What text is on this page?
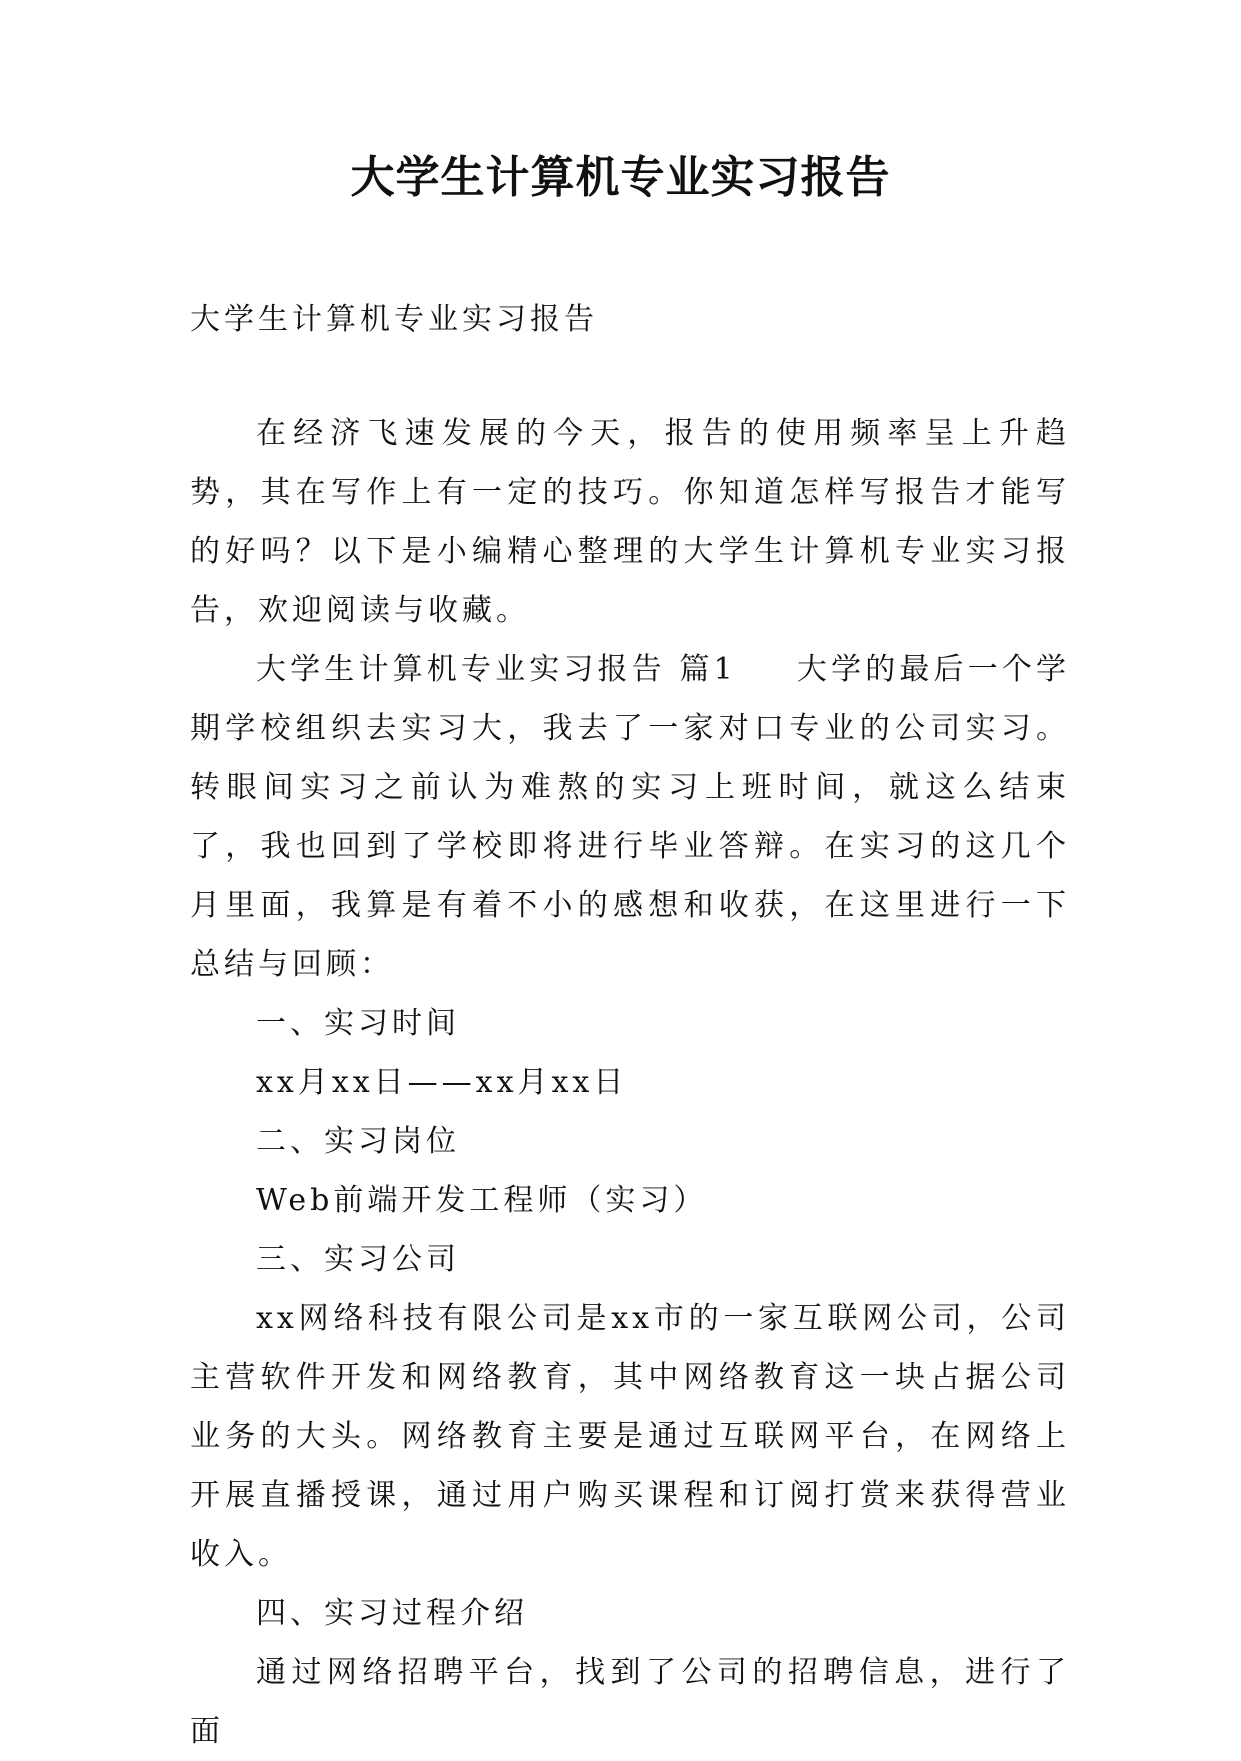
大学生计算机专业实习报告

大学生计算机专业实习报告

在经济飞速发展的今天，报告的使用频率呈上升趋势，其在写作上有一定的技巧。你知道怎样写报告才能写的好吗？以下是小编精心整理的大学生计算机专业实习报告，欢迎阅读与收藏。

大学生计算机专业实习报告 篇1 大学的最后一个学期学校组织去实习大，我去了一家对口专业的公司实习。转眼间实习之前认为难熬的实习上班时间，就这么结束了，我也回到了学校即将进行毕业答辩。在实习的这几个月里面，我算是有着不小的感想和收获，在这里进行一下总结与回顾：

一、实习时间

xx月xx日——xx月xx日

二、实习岗位

Web前端开发工程师（实习）

三、实习公司

xx网络科技有限公司是xx市的一家互联网公司，公司主营软件开发和网络教育，其中网络教育这一块占据公司业务的大头。网络教育主要是通过互联网平台，在网络上开展直播授课，通过用户购买课程和订阅打赏来获得营业收入。

四、实习过程介绍

通过网络招聘平台，找到了公司的招聘信息，进行了面
